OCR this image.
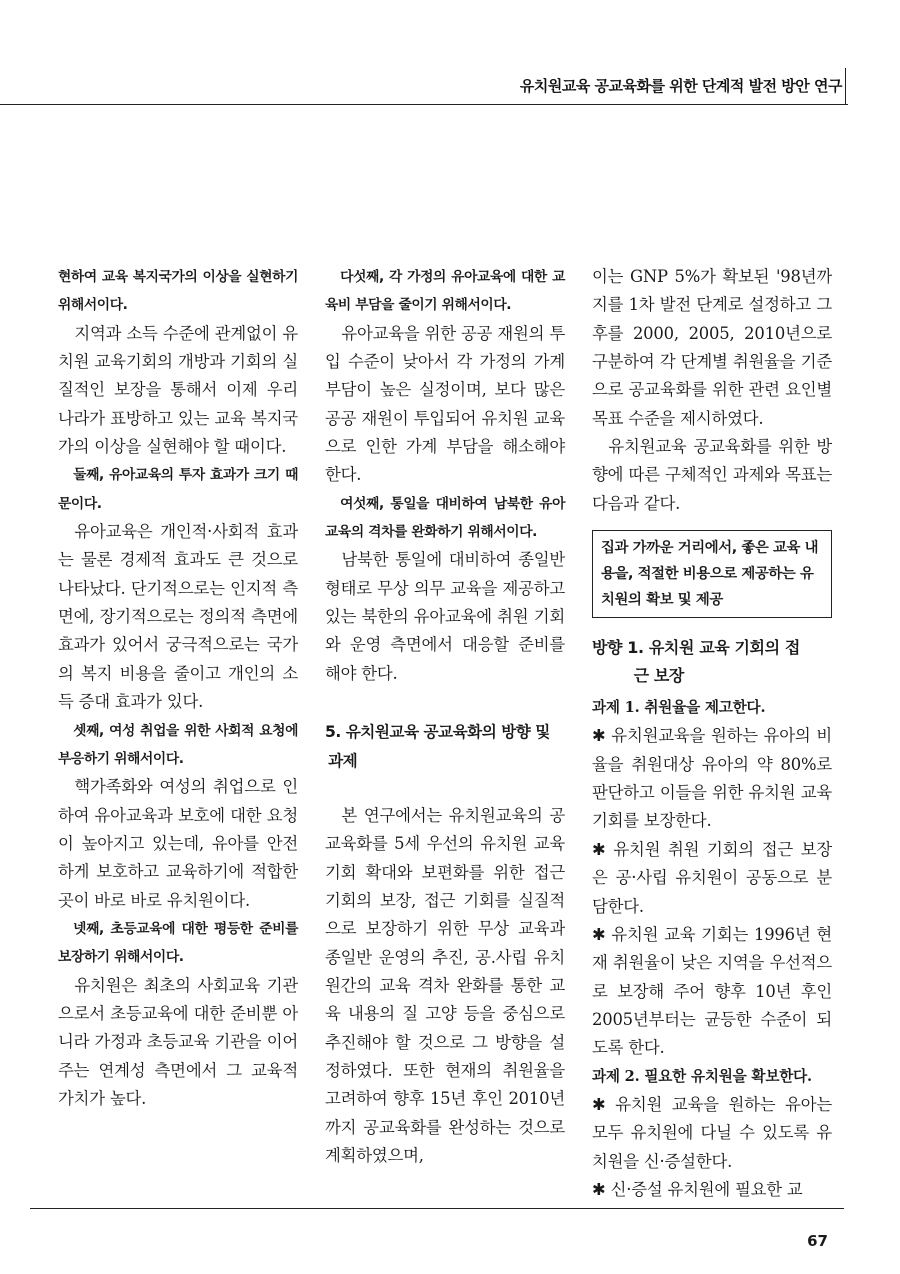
유치원교육 공교육화를 위한 단계적 발전 방안 연구

현하여 교육 복지국가의 이상을 실현하기 위해서이다.

지역과 소득 수준에 관계없이 유치원 교육기회의 개방과 기회의 실질적인 보장을 통해서 이제 우리 나라가 표방하고 있는 교육 복지국가의 이상을 실현해야 할 때이다.

둘째, 유아교육의 투자 효과가 크기 때문이다.

유아교육은 개인적·사회적 효과는 물론 경제적 효과도 큰 것으로 나타났다. 단기적으로는 인지적 측면에, 장기적으로는 정의적 측면에 효과가 있어서 궁극적으로는 국가의 복지 비용을 줄이고 개인의 소득 증대 효과가 있다.

셋째, 여성 취업을 위한 사회적 요청에 부응하기 위해서이다.

핵가족화와 여성의 취업으로 인하여 유아교육과 보호에 대한 요청이 높아지고 있는데, 유아를 안전하게 보호하고 교육하기에 적합한 곳이 바로 바로 유치원이다.

넷째, 초등교육에 대한 평등한 준비를 보장하기 위해서이다.

유치원은 최초의 사회교육 기관으로서 초등교육에 대한 준비뿐 아니라 가정과 초등교육 기관을 이어주는 연계성 측면에서 그 교육적 가치가 높다.

다섯째, 각 가정의 유아교육에 대한 교육비 부담을 줄이기 위해서이다.

유아교육을 위한 공공 재원의 투입 수준이 낮아서 각 가정의 가계 부담이 높은 실정이며, 보다 많은 공공 재원이 투입되어 유치원 교육으로 인한 가계 부담을 해소해야 한다.

여섯째, 통일을 대비하여 남북한 유아교육의 격차를 완화하기 위해서이다.

남북한 통일에 대비하여 종일반 형태로 무상 의무 교육을 제공하고 있는 북한의 유아교육에 취원 기회와 운영 측면에서 대응할 준비를 해야 한다.

5. 유치원교육 공교육화의 방향 및
과제

본 연구에서는 유치원교육의 공교육화를 5세 우선의 유치원 교육기회 확대와 보편화를 위한 접근 기회의 보장, 접근 기회를 실질적으로 보장하기 위한 무상 교육과 종일반 운영의 추진, 공.사립 유치원간의 교육 격차 완화를 통한 교육 내용의 질 고양 등을 중심으로 추진해야 할 것으로 그 방향을 설정하였다. 또한 현재의 취원율을 고려하여 향후 15년 후인 2010년까지 공교육화를 완성하는 것으로 계획하였으며,

이는 GNP 5%가 확보된 '98년까지를 1차 발전 단계로 설정하고 그 후를 2000, 2005, 2010년으로 구분하여 각 단계별 취원율을 기준으로 공교육화를 위한 관련 요인별 목표 수준을 제시하였다.

유치원교육 공교육화를 위한 방향에 따른 구체적인 과제와 목표는 다음과 같다.

집과 가까운 거리에서, 좋은 교육 내용을, 적절한 비용으로 제공하는 유치원의 확보 및 제공
방향 1. 유치원 교육 기회의 접
근 보장

과제 1. 취원율을 제고한다.

✱ 유치원교육을 원하는 유아의 비율을 취원대상 유아의 약 80%로 판단하고 이들을 위한 유치원 교육 기회를 보장한다.

✱ 유치원 취원 기회의 접근 보장은 공·사립 유치원이 공동으로 분담한다.

✱ 유치원 교육 기회는 1996년 현재 취원율이 낮은 지역을 우선적으로 보장해 주어 향후 10년 후인 2005년부터는 균등한 수준이 되도록 한다.

과제 2. 필요한 유치원을 확보한다.

✱ 유치원 교육을 원하는 유아는 모두 유치원에 다닐 수 있도록 유치원을 신·증설한다.

✱ 신·증설 유치원에 필요한 교

67
